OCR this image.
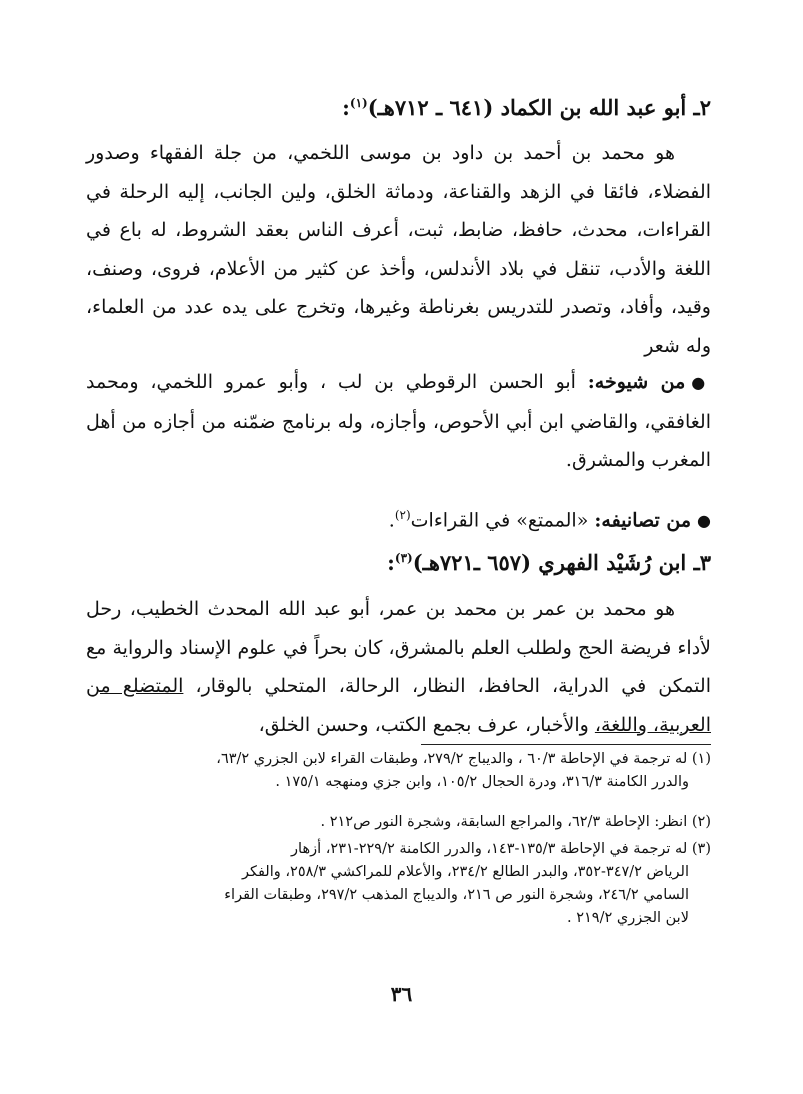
٢ـ أبو عبد الله بن الكماد (٦٤١ ـ ٧١٢هـ)$^{(١)}$:
هو محمد بن أحمد بن داود بن موسى اللخمي، من جلة الفقهاء وصدور الفضلاء، فائقا في الزهد والقناعة، ودماثة الخلق، ولين الجانب، إليه الرحلة في القراءات، محدث، حافظ، ضابط، ثبت، أعرف الناس بعقد الشروط، له باع في اللغة والأدب، تنقل في بلاد الأندلس، وأخذ عن كثير من الأعلام، فروى، وصنف، وقيد، وأفاد، وتصدر للتدريس بغرناطة وغيرها، وتخرج على يده عدد من العلماء، وله شعر
●من شيوخه: أبو الحسن الرقوطي بن لب ، وأبو عمرو اللخمي، ومحمد الغافقي، والقاضي ابن أبي الأحوص، وأجازه، وله برنامج ضمّنه من أجازه من أهل المغرب والمشرق.
●من تصانيفه: «الممتع» في القراءات$^{(٢)}$.
٣ـ ابن رُشَيْد الفهري (٦٥٧ ـ٧٢١هـ)$^{(٣)}$:
هو محمد بن عمر بن محمد بن عمر، أبو عبد الله المحدث الخطيب، رحل لأداء فريضة الحج ولطلب العلم بالمشرق، كان بحراً في علوم الإسناد والرواية مع التمكن في الدراية، الحافظ، النظار، الرحالة، المتحلي بالوقار، المتضلع من العربية، واللغة، والأخبار، عرف بجمع الكتب، وحسن الخلق،
(١) له ترجمة في الإحاطة ٦٠/٣ ، والديباج ٢٧٩/٢، وطبقات القراء لابن الجزري ٦٣/٢،
والدرر الكامنة ٣١٦/٣، ودرة الحجال ١٠٥/٢، وابن جزي ومنهجه ١٧٥/١ .
(٢) انظر: الإحاطة ٦٢/٣، والمراجع السابقة، وشجرة النور ص٢١٢ .
(٣) له ترجمة في الإحاطة ١٣٥/٣-١٤٣، والدرر الكامنة ٢٢٩/٢-٢٣١، أزهار
الرياض ٣٤٧/٢-٣٥٢، والبدر الطالع ٢٣٤/٢، والأعلام للمراكشي ٢٥٨/٣، والفكر
السامي ٢٤٦/٢، وشجرة النور ص ٢١٦، والديباج المذهب ٢٩٧/٢، وطبقات القراء
لابن الجزري ٢١٩/٢ .
٣٦
